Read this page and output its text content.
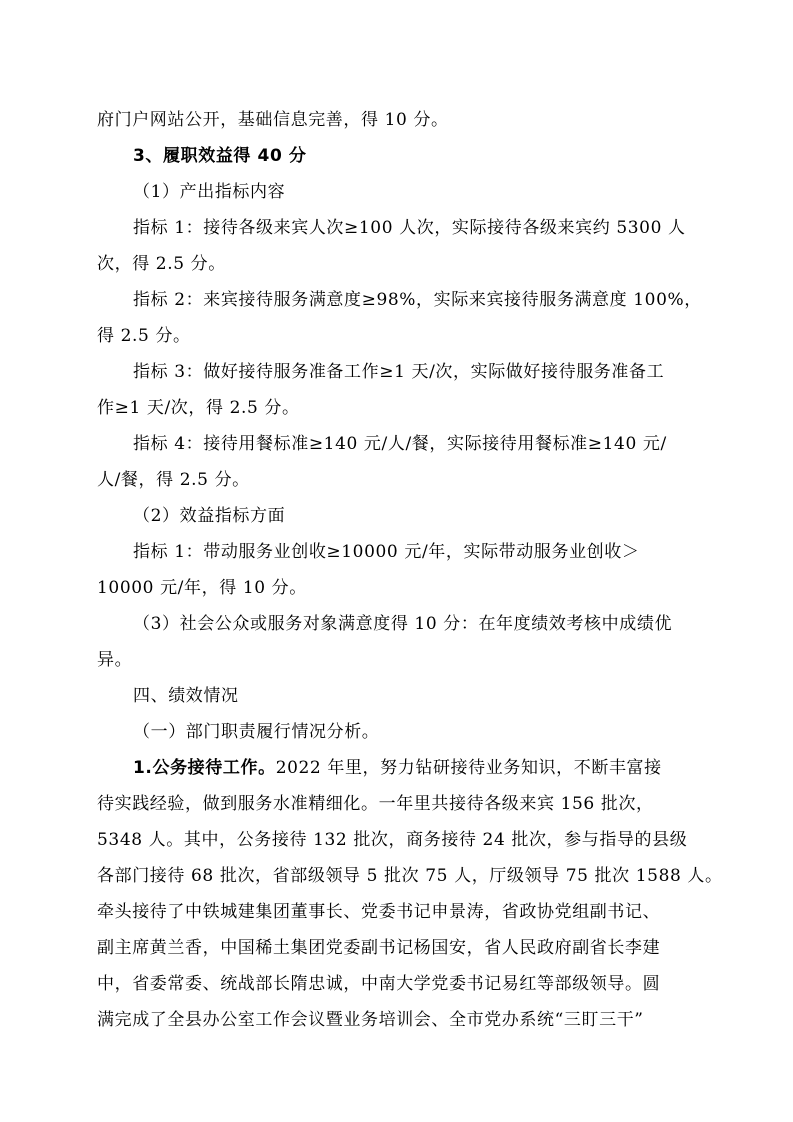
府门户网站公开，基础信息完善，得 10 分。
3、履职效益得 40 分
（1）产出指标内容
指标 1：接待各级来宾人次≥100 人次，实际接待各级来宾约 5300 人
次，得 2.5 分。
指标 2：来宾接待服务满意度≥98%，实际来宾接待服务满意度 100%，
得 2.5 分。
指标 3：做好接待服务准备工作≥1 天/次，实际做好接待服务准备工
作≥1 天/次，得 2.5 分。
指标 4：接待用餐标准≥140 元/人/餐，实际接待用餐标准≥140 元/
人/餐，得 2.5 分。
（2）效益指标方面
指标 1：带动服务业创收≥10000 元/年，实际带动服务业创收＞
10000 元/年，得 10 分。
（3）社会公众或服务对象满意度得 10 分：在年度绩效考核中成绩优
异。
四、绩效情况
（一）部门职责履行情况分析。
1.公务接待工作。2022 年里，努力钻研接待业务知识，不断丰富接
待实践经验，做到服务水准精细化。一年里共接待各级来宾 156 批次，
5348 人。其中，公务接待 132 批次，商务接待 24 批次，参与指导的县级
各部门接待 68 批次，省部级领导 5 批次 75 人，厅级领导 75 批次 1588 人。
牵头接待了中铁城建集团董事长、党委书记申景涛，省政协党组副书记、
副主席黄兰香，中国稀土集团党委副书记杨国安，省人民政府副省长李建
中，省委常委、统战部长隋忠诚，中南大学党委书记易红等部级领导。圆
满完成了全县办公室工作会议暨业务培训会、全市党办系统“三盯三干”
